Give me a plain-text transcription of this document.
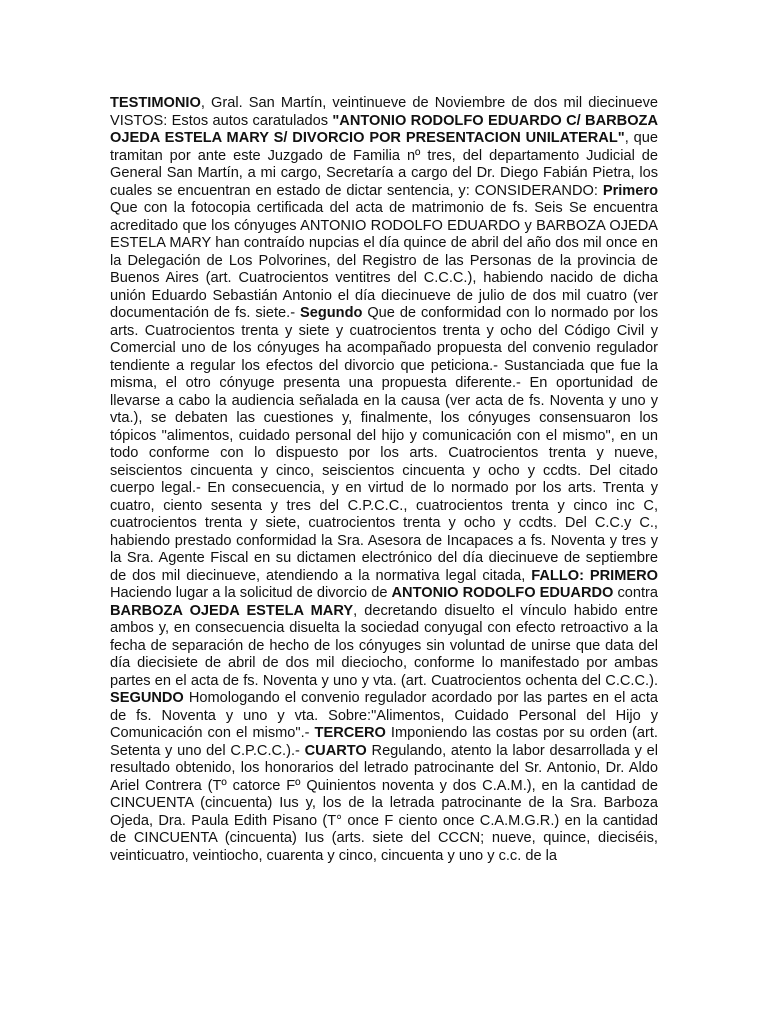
TESTIMONIO, Gral. San Martín, veintinueve de Noviembre de dos mil diecinueve VISTOS: Estos autos caratulados "ANTONIO RODOLFO EDUARDO C/ BARBOZA OJEDA ESTELA MARY S/ DIVORCIO POR PRESENTACION UNILATERAL", que tramitan por ante este Juzgado de Familia nº tres, del departamento Judicial de General San Martín, a mi cargo, Secretaría a cargo del Dr. Diego Fabián Pietra, los cuales se encuentran en estado de dictar sentencia, y: CONSIDERANDO: Primero Que con la fotocopia certificada del acta de matrimonio de fs. Seis Se encuentra acreditado que los cónyuges ANTONIO RODOLFO EDUARDO y BARBOZA OJEDA ESTELA MARY han contraído nupcias el día quince de abril del año dos mil once en la Delegación de Los Polvorines, del Registro de las Personas de la provincia de Buenos Aires (art. Cuatrocientos ventitres del C.C.C.), habiendo nacido de dicha unión Eduardo Sebastián Antonio el día diecinueve de julio de dos mil cuatro (ver documentación de fs. siete.- Segundo Que de conformidad con lo normado por los arts. Cuatrocientos trenta y siete y cuatrocientos trenta y ocho del Código Civil y Comercial uno de los cónyuges ha acompañado propuesta del convenio regulador tendiente a regular los efectos del divorcio que peticiona.- Sustanciada que fue la misma, el otro cónyuge presenta una propuesta diferente.- En oportunidad de llevarse a cabo la audiencia señalada en la causa (ver acta de fs. Noventa y uno y vta.), se debaten las cuestiones y, finalmente, los cónyuges consensuaron los tópicos "alimentos, cuidado personal del hijo y comunicación con el mismo", en un todo conforme con lo dispuesto por los arts. Cuatrocientos trenta y nueve, seiscientos cincuenta y cinco, seiscientos cincuenta y ocho y ccdts. Del citado cuerpo legal.- En consecuencia, y en virtud de lo normado por los arts. Trenta y cuatro, ciento sesenta y tres del C.P.C.C., cuatrocientos trenta y cinco inc C, cuatrocientos trenta y siete, cuatrocientos trenta y ocho y ccdts. Del C.C.y C., habiendo prestado conformidad la Sra. Asesora de Incapaces a fs. Noventa y tres y la Sra. Agente Fiscal en su dictamen electrónico del día diecinueve de septiembre de dos mil diecinueve, atendiendo a la normativa legal citada, FALLO: PRIMERO Haciendo lugar a la solicitud de divorcio de ANTONIO RODOLFO EDUARDO contra BARBOZA OJEDA ESTELA MARY, decretando disuelto el vínculo habido entre ambos y, en consecuencia disuelta la sociedad conyugal con efecto retroactivo a la fecha de separación de hecho de los cónyuges sin voluntad de unirse que data del día diecisiete de abril de dos mil dieciocho, conforme lo manifestado por ambas partes en el acta de fs. Noventa y uno y vta. (art. Cuatrocientos ochenta del C.C.C.). SEGUNDO Homologando el convenio regulador acordado por las partes en el acta de fs. Noventa y uno y vta. Sobre:"Alimentos, Cuidado Personal del Hijo y Comunicación con el mismo".- TERCERO Imponiendo las costas por su orden (art. Setenta y uno del C.P.C.C.).- CUARTO Regulando, atento la labor desarrollada y el resultado obtenido, los honorarios del letrado patrocinante del Sr. Antonio, Dr. Aldo Ariel Contrera (Tº catorce Fº Quinientos noventa y dos C.A.M.), en la cantidad de CINCUENTA (cincuenta) Ius y, los de la letrada patrocinante de la Sra. Barboza Ojeda, Dra. Paula Edith Pisano (T° once F ciento once C.A.M.G.R.) en la cantidad de CINCUENTA (cincuenta) Ius (arts. siete del CCCN; nueve, quince, dieciséis, veinticuatro, veintiocho, cuarenta y cinco, cincuenta y uno y c.c. de la
